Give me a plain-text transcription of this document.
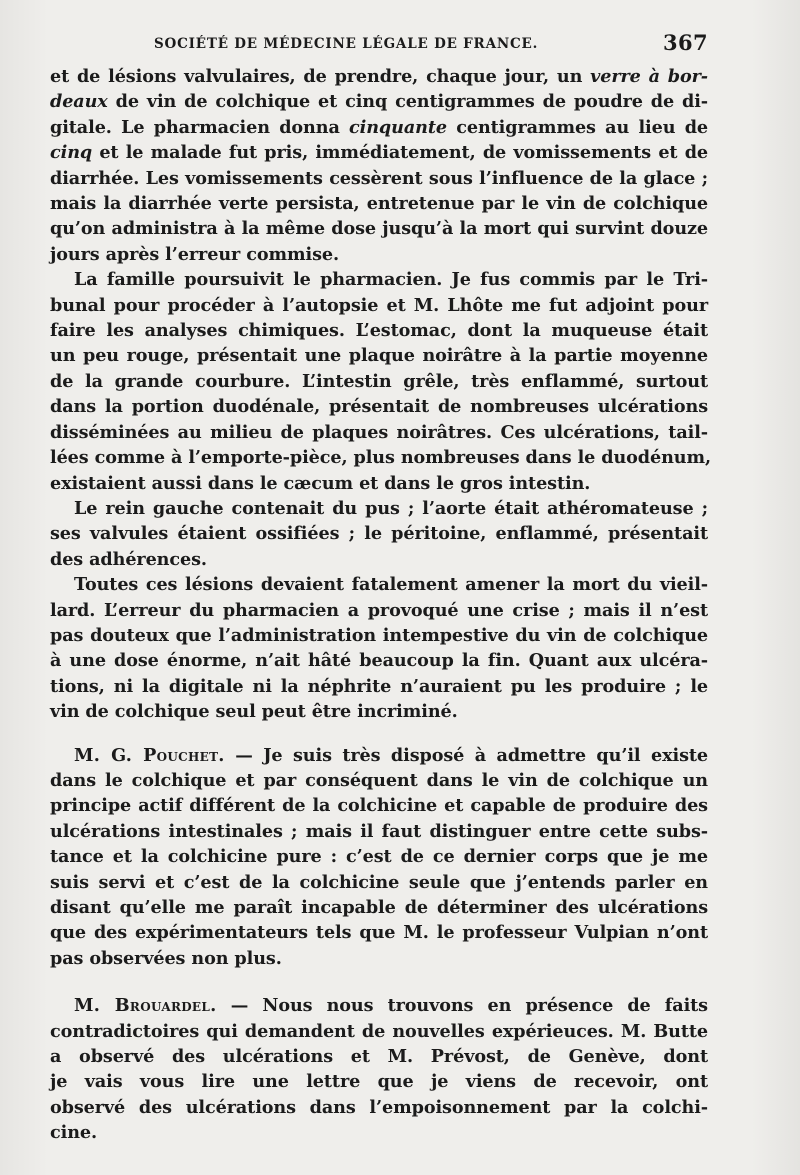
SOCIÉTÉ DE MÉDECINE LÉGALE DE FRANCE.	367
et de lésions valvulaires, de prendre, chaque jour, un verre à bor-
deaux de vin de colchique et cinq centigrammes de poudre de di-
gitale. Le pharmacien donna cinquante centigrammes au lieu de
cinq et le malade fut pris, immédiatement, de vomissements et de
diarrhée. Les vomissements cessèrent sous l’influence de la glace ;
mais la diarrhée verte persista, entretenue par le vin de colchique
qu’on administra à la même dose jusqu’à la mort qui survint douze
jours après l’erreur commise.
La famille poursuivit le pharmacien. Je fus commis par le Tri-
bunal pour procéder à l’autopsie et M. Lhôte me fut adjoint pour
faire les analyses chimiques. L’estomac, dont la muqueuse était
un peu rouge, présentait une plaque noirâtre à la partie moyenne
de la grande courbure. L’intestin grêle, très enflammé, surtout
dans la portion duodénale, présentait de nombreuses ulcérations
disséminées au milieu de plaques noirâtres. Ces ulcérations, tail-
lées comme à l’emporte-pièce, plus nombreuses dans le duodénum,
existaient aussi dans le cæcum et dans le gros intestin.
Le rein gauche contenait du pus ; l’aorte était athéromateuse ;
ses valvules étaient ossifiées ; le péritoine, enflammé, présentait
des adhérences.
Toutes ces lésions devaient fatalement amener la mort du vieil-
lard. L’erreur du pharmacien a provoqué une crise ; mais il n’est
pas douteux que l’administration intempestive du vin de colchique
à une dose énorme, n’ait hâté beaucoup la fin. Quant aux ulcéra-
tions, ni la digitale ni la néphrite n’auraient pu les produire ; le
vin de colchique seul peut être incriminé.
M. G. Pouchet. — Je suis très disposé à admettre qu’il existe
dans le colchique et par conséquent dans le vin de colchique un
principe actif différent de la colchicine et capable de produire des
ulcérations intestinales ; mais il faut distinguer entre cette subs-
tance et la colchicine pure : c’est de ce dernier corps que je me
suis servi et c’est de la colchicine seule que j’entends parler en
disant qu’elle me paraît incapable de déterminer des ulcérations
que des expérimentateurs tels que M. le professeur Vulpian n’ont
pas observées non plus.
M. Brouardel. — Nous nous trouvons en présence de faits
contradictoires qui demandent de nouvelles expérieuces. M. Butte
a observé des ulcérations et M. Prévost, de Genève, dont
je vais vous lire une lettre que je viens de recevoir, ont
observé des ulcérations dans l’empoisonnement par la colchi-
cine.
